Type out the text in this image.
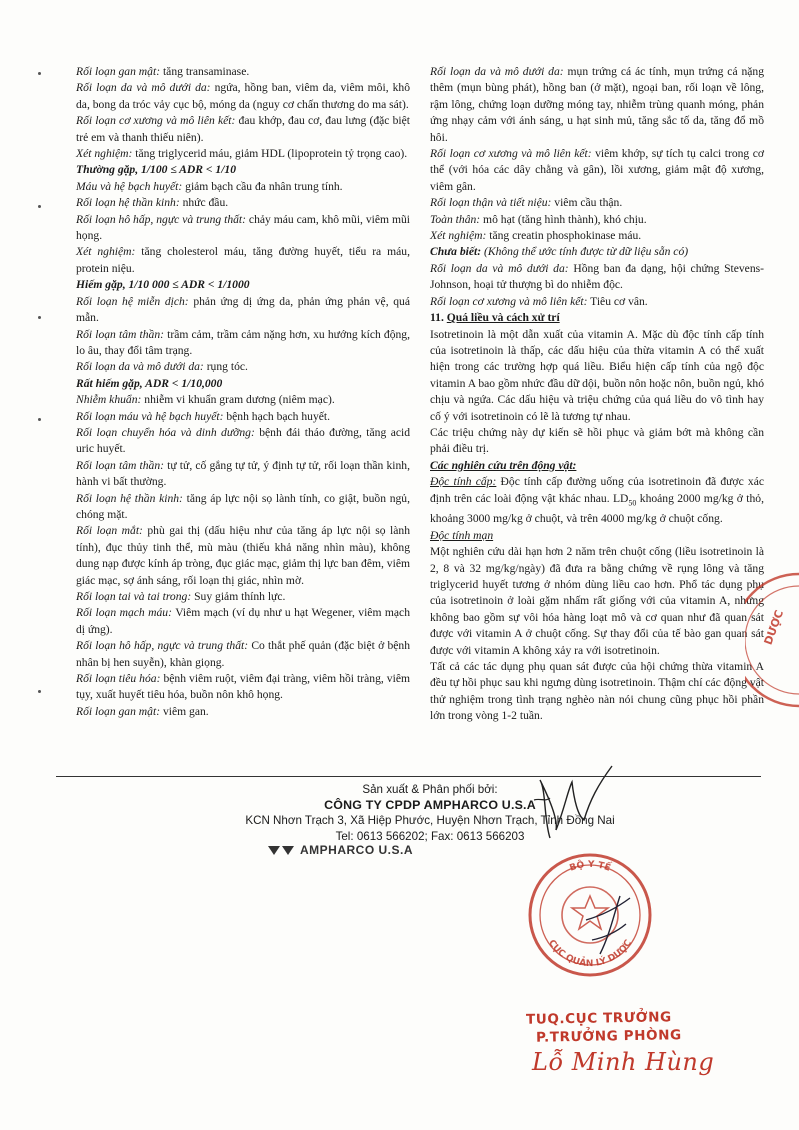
Rối loạn gan mật: tăng transaminase.

Rối loạn da và mô dưới da: ngứa, hồng ban, viêm da, viêm môi, khô da, bong da tróc vảy cục bộ, móng da (nguy cơ chấn thương do ma sát).

Rối loạn cơ xương và mô liên kết: đau khớp, đau cơ, đau lưng (đặc biệt trẻ em và thanh thiếu niên).

Xét nghiệm: tăng triglycerid máu, giảm HDL (lipoprotein tỷ trọng cao).

Thường gặp, 1/100 ≤ ADR < 1/10

Máu và hệ bạch huyết: giảm bạch cầu đa nhân trung tính.

Rối loạn hệ thần kinh: nhức đầu.

Rối loạn hô hấp, ngực và trung thất: chảy máu cam, khô mũi, viêm mũi họng.

Xét nghiệm: tăng cholesterol máu, tăng đường huyết, tiểu ra máu, protein niệu.

Hiếm gặp, 1/10 000 ≤ ADR < 1/1000

Rối loạn hệ miễn dịch: phản ứng dị ứng da, phản ứng phản vệ, quá mẫn.

Rối loạn tâm thần: trầm cảm, trầm cảm nặng hơn, xu hướng kích động, lo âu, thay đổi tâm trạng.

Rối loạn da và mô dưới da: rụng tóc.

Rất hiếm gặp, ADR < 1/10,000

Nhiễm khuẩn: nhiễm vi khuẩn gram dương (niêm mạc).

Rối loạn máu và hệ bạch huyết: bệnh hạch bạch huyết.

Rối loạn chuyển hóa và dinh dưỡng: bệnh đái tháo đường, tăng acid uric huyết.

Rối loạn tâm thần: tự tử, cố gắng tự tử, ý định tự tử, rối loạn thần kinh, hành vi bất thường.

Rối loạn hệ thần kinh: tăng áp lực nội sọ lành tính, co giật, buồn ngủ, chóng mặt.

Rối loạn mắt: phù gai thị (dấu hiệu như của tăng áp lực nội sọ lành tính), đục thủy tinh thể, mù màu (thiếu khả năng nhìn màu), không dung nạp được kính áp tròng, đục giác mạc, giảm thị lực ban đêm, viêm giác mạc, sợ ánh sáng, rối loạn thị giác, nhìn mờ.

Rối loạn tai và tai trong: Suy giảm thính lực.

Rối loạn mạch máu: Viêm mạch (ví dụ như u hạt Wegener, viêm mạch dị ứng).

Rối loạn hô hấp, ngực và trung thất: Co thắt phế quản (đặc biệt ở bệnh nhân bị hen suyễn), khàn giọng.

Rối loạn tiêu hóa: bệnh viêm ruột, viêm đại tràng, viêm hồi tràng, viêm tụy, xuất huyết tiêu hóa, buồn nôn khô họng.

Rối loạn gan mật: viêm gan.

Rối loạn da và mô dưới da: mụn trứng cá ác tính, mụn trứng cá nặng thêm (mụn bùng phát), hồng ban (ở mặt), ngoại ban, rối loạn về lông, rậm lông, chứng loạn dưỡng móng tay, nhiễm trùng quanh móng, phản ứng nhạy cảm với ánh sáng, u hạt sinh mủ, tăng sắc tố da, tăng đổ mồ hôi.

Rối loạn cơ xương và mô liên kết: viêm khớp, sự tích tụ calci trong cơ thể (với hóa các dây chằng và gân), lồi xương, giảm mật độ xương, viêm gân.

Rối loạn thận và tiết niệu: viêm cầu thận.

Toàn thân: mô hạt (tăng hình thành), khó chịu.

Xét nghiệm: tăng creatin phosphokinase máu.

Chưa biết: (Không thể ước tính được từ dữ liệu sẵn có)

Rối loạn da và mô dưới da: Hồng ban đa dạng, hội chứng Stevens-Johnson, hoại tử thượng bì do nhiễm độc.

Rối loạn cơ xương và mô liên kết: Tiêu cơ vân.

11. Quá liều và cách xử trí

Isotretinoin là một dẫn xuất của vitamin A. Mặc dù độc tính cấp tính của isotretinoin là thấp, các dấu hiệu của thừa vitamin A có thể xuất hiện trong các trường hợp quá liều. Biểu hiện cấp tính của ngộ độc vitamin A bao gồm nhức đầu dữ dội, buồn nôn hoặc nôn, buồn ngủ, khó chịu và ngứa. Các dấu hiệu và triệu chứng của quá liều do vô tình hay cố ý với isotretinoin có lẽ là tương tự nhau.

Các triệu chứng này dự kiến sẽ hồi phục và giảm bớt mà không cần phải điều trị.

Các nghiên cứu trên động vật:

Độc tính cấp: Độc tính cấp đường uống của isotretinoin đã được xác định trên các loài động vật khác nhau. $LD_{50}$ khoảng 2000 mg/kg ở thỏ, khoảng 3000 mg/kg ở chuột, và trên 4000 mg/kg ở chuột cống.

Độc tính mạn

Một nghiên cứu dài hạn hơn 2 năm trên chuột cống (liều isotretinoin là 2, 8 và 32 mg/kg/ngày) đã đưa ra bằng chứng về rụng lông và tăng triglycerid huyết tương ở nhóm dùng liều cao hơn. Phổ tác dụng phụ của isotretinoin ở loài gặm nhấm rất giống với của vitamin A, nhưng không bao gồm sự vôi hóa hàng loạt mô và cơ quan như đã quan sát được với vitamin A ở chuột cống. Sự thay đổi của tế bào gan quan sát được với vitamin A không xảy ra với isotretinoin.

Tất cả các tác dụng phụ quan sát được của hội chứng thừa vitamin A đều tự hồi phục sau khi ngưng dùng isotretinoin. Thậm chí các động vật thử nghiệm trong tình trạng nghèo nàn nói chung cũng phục hồi phần lớn trong vòng 1-2 tuần.

DƯỢC
Sản xuất & Phân phối bởi:
CÔNG TY CPDP AMPHARCO U.S.A
KCN Nhơn Trạch 3, Xã Hiệp Phước, Huyện Nhơn Trạch, Tỉnh Đồng Nai
Tel: 0613 566202; Fax: 0613 566203
AMPHARCO U.S.A
BỘ Y TẾ
CỤC QUẢN LÝ DƯỢC
TUQ.CỤC TRƯỞNG
P.TRƯỞNG PHÒNG
Lỗ Minh Hùng
